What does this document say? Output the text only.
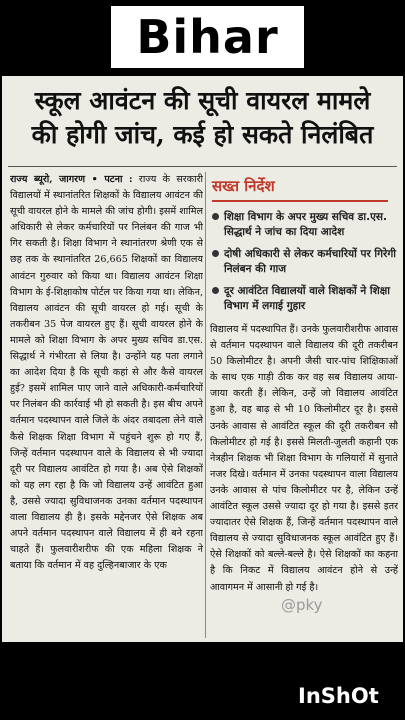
Bihar
स्कूल आवंटन की सूची वायरल मामले
की होगी जांच, कई हो सकते निलंबित
राज्य ब्यूरो, जागरण • पटना : राज्य के सरकारी विद्यालयों में स्थानांतरित शिक्षकों के विद्यालय आवंटन की सूची वायरल होने के मामले की जांच होगी। इसमें शामिल अधिकारी से लेकर कर्मचारियों पर निलंबन की गाज भी गिर सकती है। शिक्षा विभाग ने स्थानांतरण श्रेणी एक से छह तक के स्थानांतरित 26,665 शिक्षकों का विद्यालय आवंटन गुरुवार को किया था। विद्यालय आवंटन शिक्षा विभाग के ई-शिक्षाकोष पोर्टल पर किया गया था। लेकिन, विद्यालय आवंटन की सूची वायरल हो गई। सूची के तकरीबन 35 पेज वायरल हुए हैं। सूची वायरल होने के मामले को शिक्षा विभाग के अपर मुख्य सचिव डा.एस. सिद्धार्थ ने गंभीरता से लिया है। उन्होंने यह पता लगाने का आदेश दिया है कि सूची कहां से और कैसे वायरल हुई? इसमें शामिल पाए जाने वाले अधिकारी-कर्मचारियों पर निलंबन की कार्रवाई भी हो सकती है। इस बीच अपने वर्तमान पदस्थापन वाले जिले के अंदर तबादला लेने वाले कैसे शिक्षक शिक्षा विभाग में पहुंचने शुरू हो गए हैं, जिन्हें वर्तमान पदस्थापन वाले के विद्यालय से भी ज्यादा दूरी पर विद्यालय आवंटित हो गया है। अब ऐसे शिक्षकों को यह लग रहा है कि जो विद्यालय उन्हें आवंटित हुआ है, उससे ज्यादा सुविधाजनक उनका वर्तमान पदस्थापन वाला विद्यालय ही है। इसके मद्देनजर ऐसे शिक्षक अब अपने वर्तमान पदस्थापन वाले विद्यालय में ही बने रहना चाहते हैं। फुलवारीशरीफ की एक महिला शिक्षक ने बताया कि वर्तमान में वह दुल्हिनबाजार के एक
सख्त निर्देश
शिक्षा विभाग के अपर मुख्य सचिव डा.एस. सिद्धार्थ ने जांच का दिया आदेश
दोषी अधिकारी से लेकर कर्मचारियों पर गिरेगी निलंबन की गाज
दूर आवंटित विद्यालयों वाले शिक्षकों ने शिक्षा विभाग में लगाई गुहार
विद्यालय में पदस्थापित हैं। उनके फुलवारीशरीफ आवास से वर्तमान पदस्थापन वाले विद्यालय की दूरी तकरीबन 50 किलोमीटर है। अपनी जैसी चार-पांच शिक्षिकाओं के साथ एक गाड़ी ठीक कर वह सब विद्यालय आया-जाया करती हैं। लेकिन, उन्हें जो विद्यालय आवंटित हुआ है, वह बाढ़ से भी 10 किलोमीटर दूर है। इससे उनके आवास से आवंटित स्कूल की दूरी तकरीबन सौ किलोमीटर हो गई है। इससे मिलती-जुलती कहानी एक नेत्रहीन शिक्षक भी शिक्षा विभाग के गलियारों में सुनाते नजर दिखे। वर्तमान में उनका पदस्थापन वाला विद्यालय उनके आवास से पांच किलोमीटर पर है, लेकिन उन्हें आवंटित स्कूल उससे ज्यादा दूर हो गया है। इससे इतर ज्यादातर ऐसे शिक्षक हैं, जिन्हें वर्तमान पदस्थापन वाले विद्यालय से ज्यादा सुविधाजनक स्कूल आवंटित हुए हैं। ऐसे शिक्षकों को बल्ले-बल्ले है। ऐसे शिक्षकों का कहना है कि निकट में विद्यालय आवंटन होने से उन्हें आवागमन में आसानी हो गई है।
@pky
InShOt
